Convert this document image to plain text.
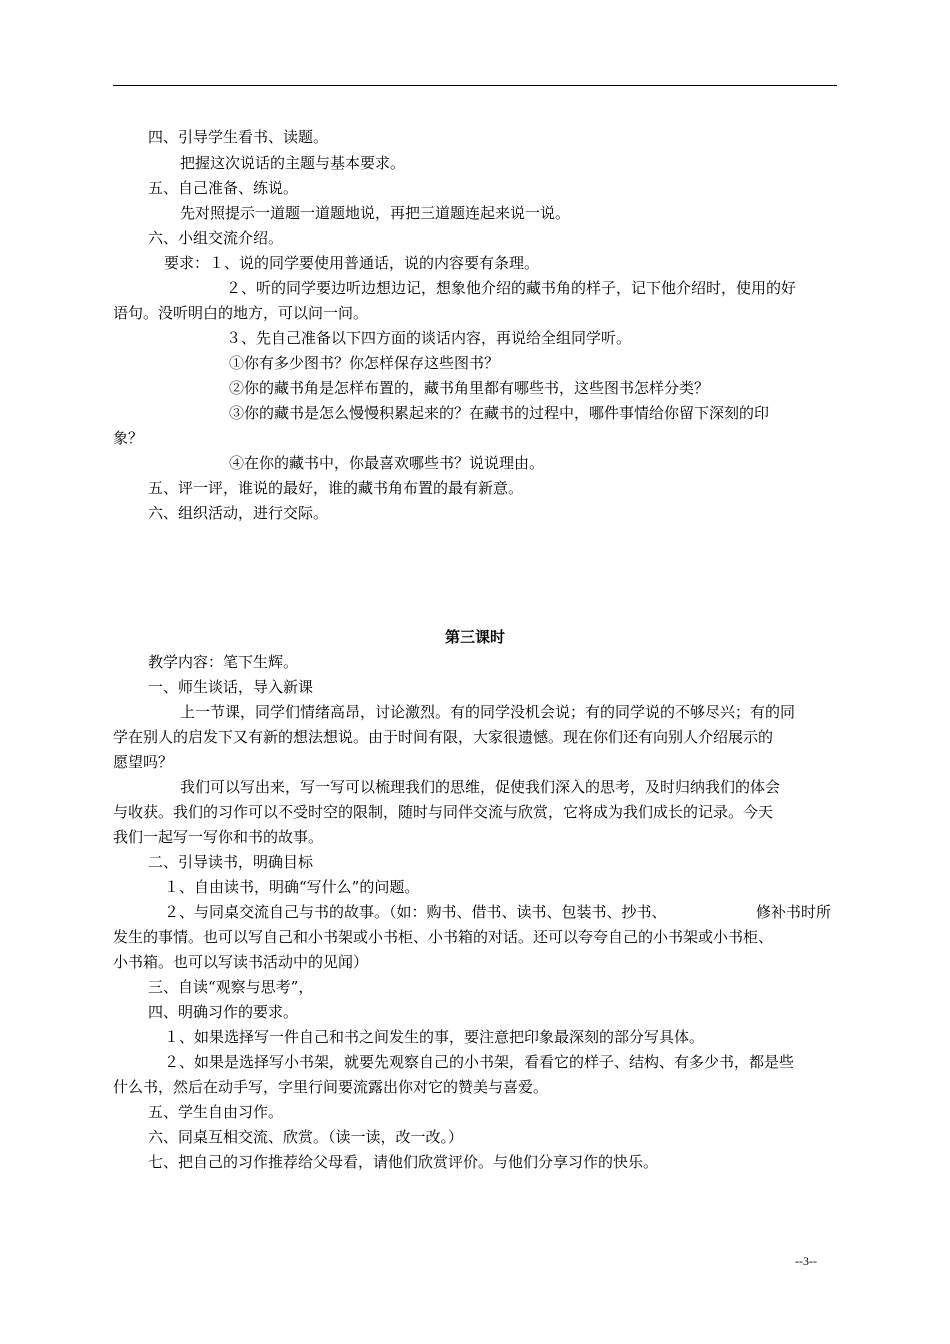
四、引导学生看书、读题。
把握这次说话的主题与基本要求。
五、自己准备、练说。
先对照提示一道题一道题地说，再把三道题连起来说一说。
六、小组交流介绍。
要求：１、说的同学要使用普通话，说的内容要有条理。
２、听的同学要边听边想边记，想象他介绍的藏书角的样子，记下他介绍时，使用的好
语句。没听明白的地方，可以问一问。
３、先自己准备以下四方面的谈话内容，再说给全组同学听。
①你有多少图书？你怎样保存这些图书？
②你的藏书角是怎样布置的，藏书角里都有哪些书，这些图书怎样分类？
③你的藏书是怎么慢慢积累起来的？在藏书的过程中，哪件事情给你留下深刻的印
象？
④在你的藏书中，你最喜欢哪些书？说说理由。
五、评一评，谁说的最好，谁的藏书角布置的最有新意。
六、组织活动，进行交际。
第三课时
教学内容：笔下生辉。
一、师生谈话，导入新课
上一节课，同学们情绪高昂，讨论激烈。有的同学没机会说；有的同学说的不够尽兴；有的同
学在别人的启发下又有新的想法想说。由于时间有限，大家很遗憾。现在你们还有向别人介绍展示的
愿望吗？
我们可以写出来，写一写可以梳理我们的思维，促使我们深入的思考，及时归纳我们的体会
与收获。我们的习作可以不受时空的限制，随时与同伴交流与欣赏，它将成为我们成长的记录。今天
我们一起写一写你和书的故事。
二、引导读书，明确目标
１、自由读书，明确“写什么”的问题。
２、与同桌交流自己与书的故事。（如：购书、借书、读书、包装书、抄书、	修补书时所
发生的事情。也可以写自己和小书架或小书柜、小书箱的对话。还可以夸夸自己的小书架或小书柜、
小书箱。也可以写读书活动中的见闻）
三、自读“观察与思考”，
四、明确习作的要求。
１、如果选择写一件自己和书之间发生的事，要注意把印象最深刻的部分写具体。
２、如果是选择写小书架，就要先观察自己的小书架，看看它的样子、结构、有多少书，都是些
什么书，然后在动手写，字里行间要流露出你对它的赞美与喜爱。
五、学生自由习作。
六、同桌互相交流、欣赏。（读一读，改一改。）
七、把自己的习作推荐给父母看，请他们欣赏评价。与他们分享习作的快乐。
--3--
